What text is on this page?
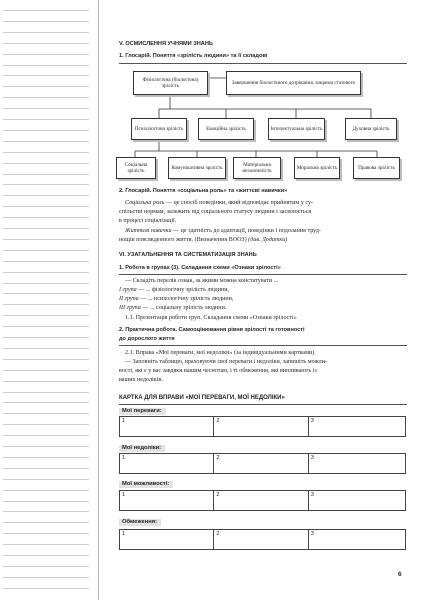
V. ОСМИСЛЕННЯ УЧНЯМИ ЗНАНЬ
1. Глосарій. Поняття «зрілість людини» та її складові
Фізіологічна (біологічна) зрілість	Завершення біологічного дозрівання, зокрема статевого
Психологічна зрілість	Емоційна зрілість	Інтелектуальна зрілість	Духовна зрілість
Соціальна зрілість	Комунікативна зрілість	Матеріальна незалежність	Моральна зрілість	Правова зрілість
2. Глосарій. Поняття «соціальна роль» та «життєві навички»
Соціальна роль — це спосіб поведінки, який відповідає прийнятим у су-
спільстві нормам, залежить від соціального статусу людини і засвоюється
в процесі соціалізації.
Життєві навички — це здатність до адаптації, поведінки і подолання труд-
нощів повсякденного життя. (Визначення ВООЗ) (див. Додатки)
VI. УЗАГАЛЬНЕННЯ ТА СИСТЕМАТИЗАЦІЯ ЗНАНЬ
1. Робота в групах (3). Складання схеми «Ознаки зрілості»
— Складіть перелік ознак, за якими можна констатувати ...
I група — ... фізіологічну зрілість людини,
II група — ... психологічну зрілість людини,
III група — ... соціальну зрілість людини.
1.1. Презентація роботи груп. Складання схеми «Ознаки зрілості»
2. Практична робота. Самооцінювання рівня зрілості та готовності
до дорослого життя
2.1. Вправа «Мої переваги, мої недоліки» (за індивідуальними картками).
— Заповніть таблицю, враховуючи свої переваги і недоліки, запишіть можли-
вості, які є у вас завдяки вашим чеснотам, і ті обмеження, які випливають із
ваших недоліків.
КАРТКА ДЛЯ ВПРАВИ «МОЇ ПЕРЕВАГИ, МОЇ НЕДОЛІКИ»
Мої переваги:
1	2	3
Мої недоліки:
1	2	3
Мої можливості:
1	2	3
Обмеження:
1	2	3
6
